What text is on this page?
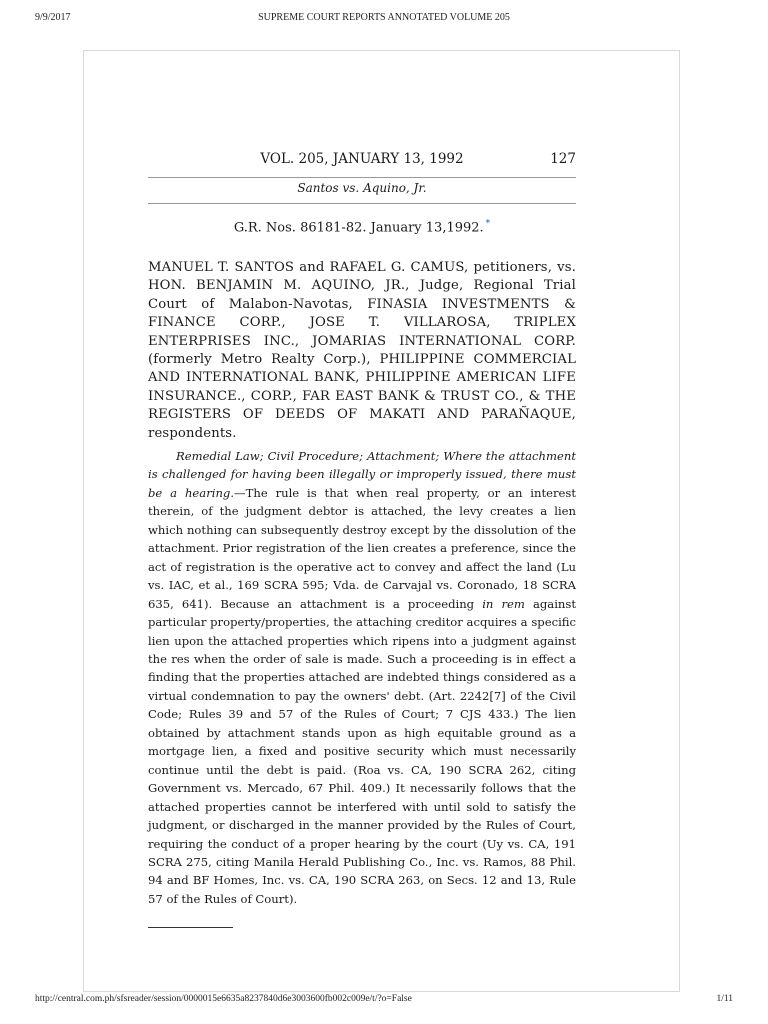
9/9/2017	SUPREME COURT REPORTS ANNOTATED VOLUME 205
VOL. 205, JANUARY 13, 1992	127
Santos vs. Aquino, Jr.
G.R. Nos. 86181-82. January 13,1992. *
MANUEL T. SANTOS and RAFAEL G. CAMUS, petitioners, vs. HON. BENJAMIN M. AQUINO, JR., Judge, Regional Trial Court of Malabon-Navotas, FINASIA INVESTMENTS & FINANCE CORP., JOSE T. VILLAROSA, TRIPLEX ENTERPRISES INC., JOMARIAS INTERNATIONAL CORP. (formerly Metro Realty Corp.), PHILIPPINE COMMERCIAL AND INTERNATIONAL BANK, PHILIPPINE AMERICAN LIFE INSURANCE., CORP., FAR EAST BANK & TRUST CO., & THE REGISTERS OF DEEDS OF MAKATI AND PARAÑAQUE, respondents.
Remedial Law; Civil Procedure; Attachment; Where the attachment is challenged for having been illegally or improperly issued, there must be a hearing.—The rule is that when real property, or an interest therein, of the judgment debtor is attached, the levy creates a lien which nothing can subsequently destroy except by the dissolution of the attachment. Prior registration of the lien creates a preference, since the act of registration is the operative act to convey and affect the land (Lu vs. IAC, et al., 169 SCRA 595; Vda. de Carvajal vs. Coronado, 18 SCRA 635, 641). Because an attachment is a proceeding in rem against particular property/properties, the attaching creditor acquires a specific lien upon the attached properties which ripens into a judgment against the res when the order of sale is made. Such a proceeding is in effect a finding that the properties attached are indebted things considered as a virtual condemnation to pay the owners' debt. (Art. 2242[7] of the Civil Code; Rules 39 and 57 of the Rules of Court; 7 CJS 433.) The lien obtained by attachment stands upon as high equitable ground as a mortgage lien, a fixed and positive security which must necessarily continue until the debt is paid. (Roa vs. CA, 190 SCRA 262, citing Government vs. Mercado, 67 Phil. 409.) It necessarily follows that the attached properties cannot be interfered with until sold to satisfy the judgment, or discharged in the manner provided by the Rules of Court, requiring the conduct of a proper hearing by the court (Uy vs. CA, 191 SCRA 275, citing Manila Herald Publishing Co., Inc. vs. Ramos, 88 Phil. 94 and BF Homes, Inc. vs. CA, 190 SCRA 263, on Secs. 12 and 13, Rule 57 of the Rules of Court).
http://central.com.ph/sfsreader/session/0000015e6635a8237840d6e3003600fb002c009e/t/?o=False	1/11
